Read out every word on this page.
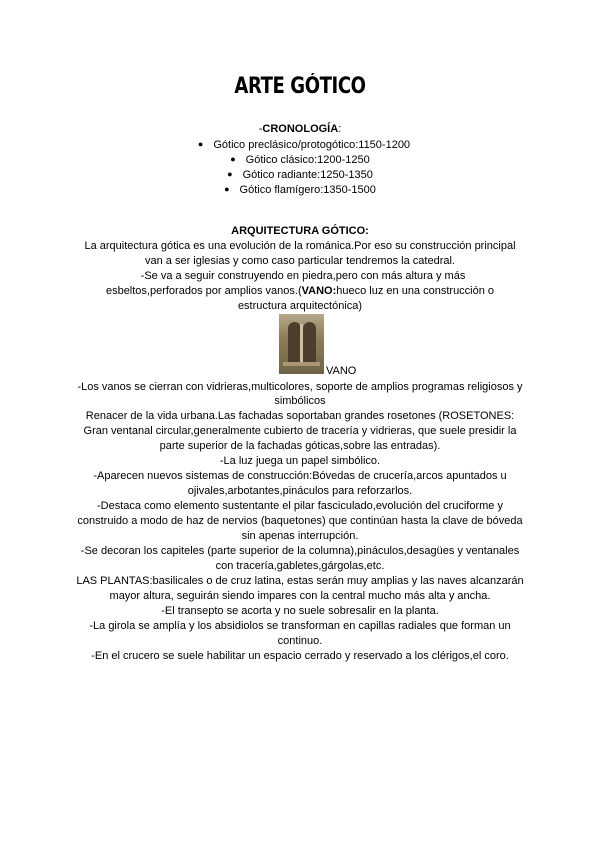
ARTE GÓTICO
-CRONOLOGÍA:
● Gótico preclásico/protogótico:1150-1200
● Gótico clásico:1200-1250
● Gótico radiante:1250-1350
● Gótico flamígero:1350-1500
ARQUITECTURA GÓTICO:
La arquitectura gótica es una evolución de la románica.Por eso su construcción principal
van a ser iglesias y como caso particular tendremos la catedral.
-Se va a seguir construyendo en piedra,pero con más altura y más
esbeltos,perforados por amplios vanos.(VANO:hueco luz en una construcción o
estructura arquitectónica)
VANO
-Los vanos se cierran con vidrieras,multicolores, soporte de amplios programas religiosos y
simbólicos
Renacer de la vida urbana.Las fachadas soportaban grandes rosetones (ROSETONES:
Gran ventanal circular,generalmente cubierto de tracería y vidrieras, que suele presidir la
parte superior de la fachadas góticas,sobre las entradas).
-La luz juega un papel simbólico.
-Aparecen nuevos sistemas de construcción:Bóvedas de crucería,arcos apuntados u
ojivales,arbotantes,pináculos para reforzarlos.
-Destaca como elemento sustentante el pilar fasciculado,evolución del cruciforme y
construido a modo de haz de nervios (baquetones) que continúan hasta la clave de bóveda
sin apenas interrupción.
-Se decoran los capiteles (parte superior de la columna),pináculos,desagües y ventanales
con tracería,gabletes,gárgolas,etc.
LAS PLANTAS:basilicales o de cruz latina, estas serán muy amplias y las naves alcanzarán
mayor altura, seguirán siendo impares con la central mucho más alta y ancha.
-El transepto se acorta y no suele sobresalir en la planta.
-La girola se amplía y los absidiolos se transforman en capillas radiales que forman un
continuo.
-En el crucero se suele habilitar un espacio cerrado y reservado a los clérigos,el coro.
